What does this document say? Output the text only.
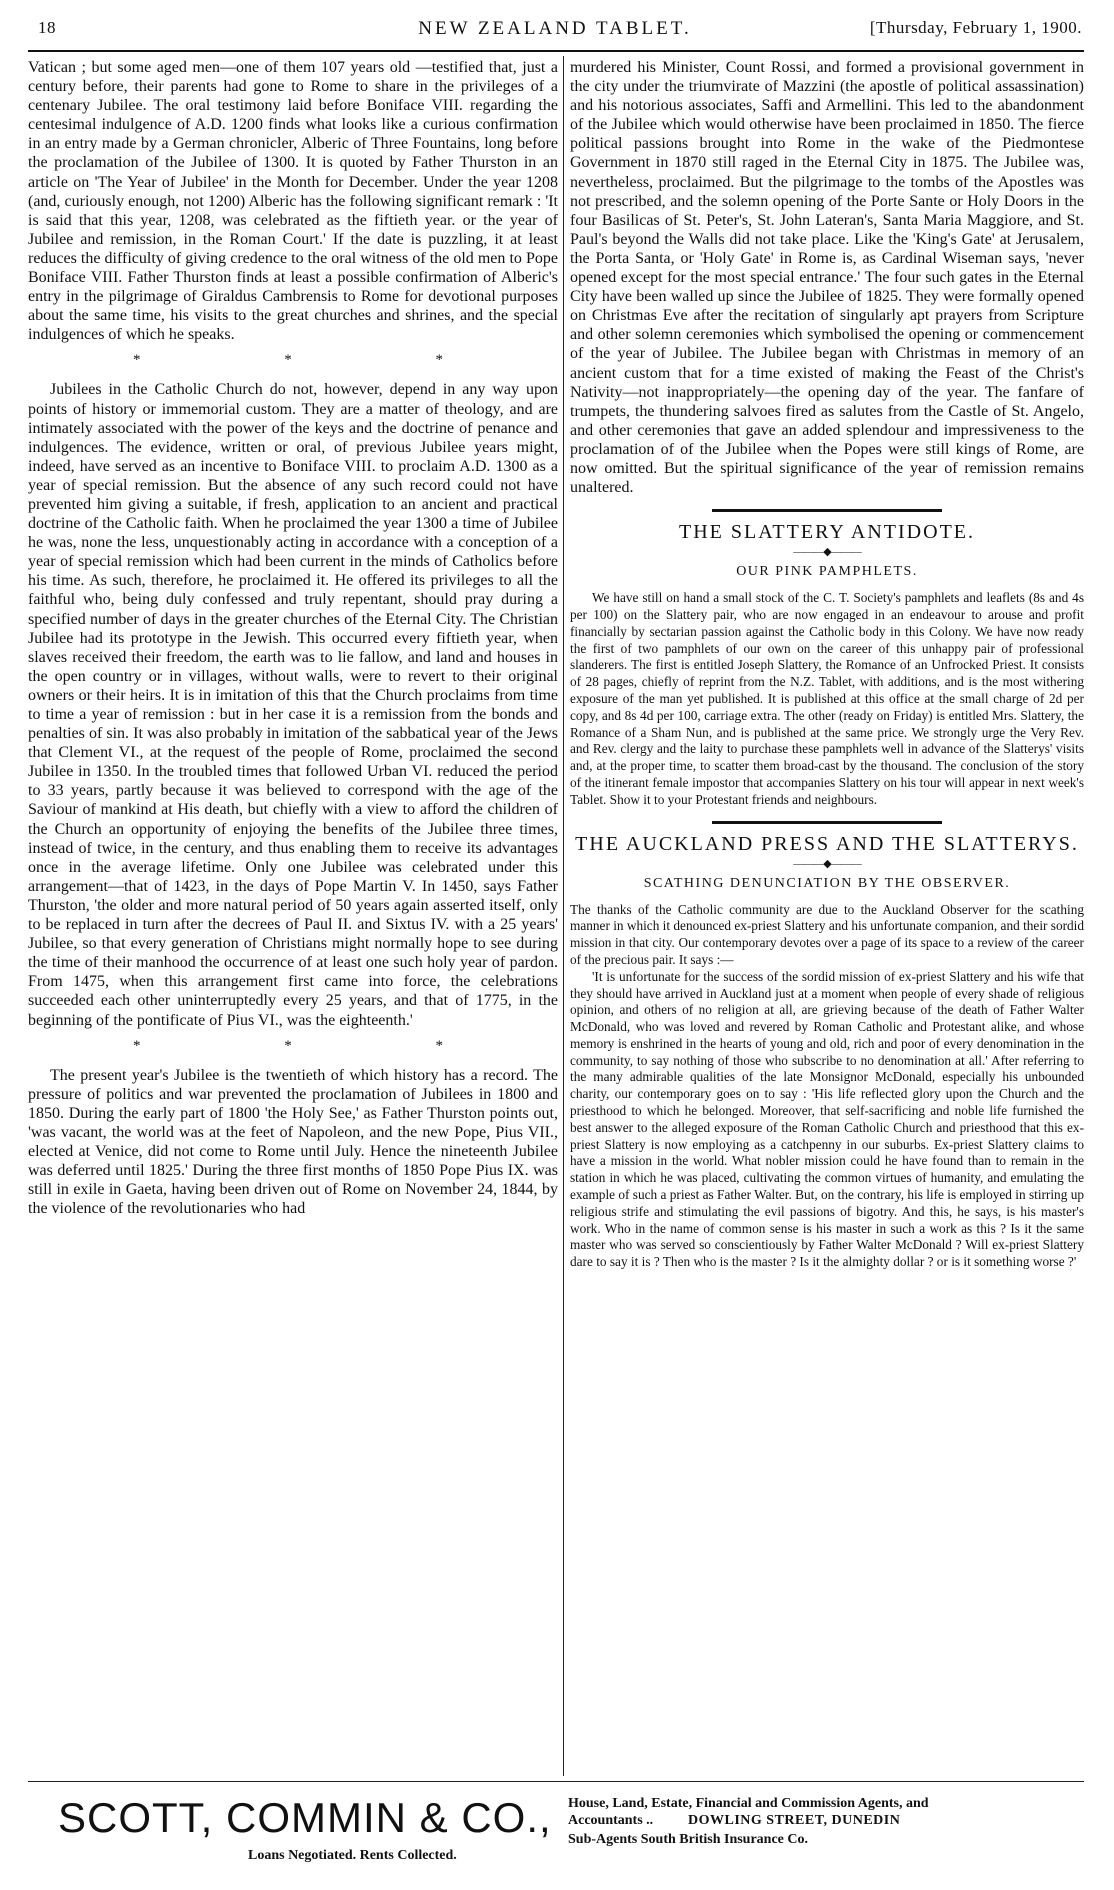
18	NEW ZEALAND TABLET.	[Thursday, February 1, 1900.

Vatican ; but some aged men—one of them 107 years old —testified that, just a century before, their parents had gone to Rome to share in the privileges of a centenary Jubilee. The oral testimony laid before Boniface VIII. regarding the centesimal indulgence of A.D. 1200 finds what looks like a curious confirmation in an entry made by a German chronicler, Alberic of Three Fountains, long before the proclamation of the Jubilee of 1300. It is quoted by Father Thurston in an article on 'The Year of Jubilee' in the Month for December. Under the year 1208 (and, curiously enough, not 1200) Alberic has the following significant remark : 'It is said that this year, 1208, was celebrated as the fiftieth year. or the year of Jubilee and remission, in the Roman Court.' If the date is puzzling, it at least reduces the difficulty of giving credence to the oral witness of the old men to Pope Boniface VIII. Father Thurston finds at least a possible confirmation of Alberic's entry in the pilgrimage of Giraldus Cambrensis to Rome for devotional purposes about the same time, his visits to the great churches and shrines, and the special indulgences of which he speaks.

* * *

Jubilees in the Catholic Church do not, however, depend in any way upon points of history or immemorial custom. They are a matter of theology, and are intimately associated with the power of the keys and the doctrine of penance and indulgences. The evidence, written or oral, of previous Jubilee years might, indeed, have served as an incentive to Boniface VIII. to proclaim A.D. 1300 as a year of special remission. But the absence of any such record could not have prevented him giving a suitable, if fresh, application to an ancient and practical doctrine of the Catholic faith. When he proclaimed the year 1300 a time of Jubilee he was, none the less, unquestionably acting in accordance with a conception of a year of special remission which had been current in the minds of Catholics before his time. As such, therefore, he proclaimed it. He offered its privileges to all the faithful who, being duly confessed and truly repentant, should pray during a specified number of days in the greater churches of the Eternal City. The Christian Jubilee had its prototype in the Jewish. This occurred every fiftieth year, when slaves received their freedom, the earth was to lie fallow, and land and houses in the open country or in villages, without walls, were to revert to their original owners or their heirs. It is in imitation of this that the Church proclaims from time to time a year of remission : but in her case it is a remission from the bonds and penalties of sin. It was also probably in imitation of the sabbatical year of the Jews that Clement VI., at the request of the people of Rome, proclaimed the second Jubilee in 1350. In the troubled times that followed Urban VI. reduced the period to 33 years, partly because it was believed to correspond with the age of the Saviour of mankind at His death, but chiefly with a view to afford the children of the Church an opportunity of enjoying the benefits of the Jubilee three times, instead of twice, in the century, and thus enabling them to receive its advantages once in the average lifetime. Only one Jubilee was celebrated under this arrangement—that of 1423, in the days of Pope Martin V. In 1450, says Father Thurston, 'the older and more natural period of 50 years again asserted itself, only to be replaced in turn after the decrees of Paul II. and Sixtus IV. with a 25 years' Jubilee, so that every generation of Christians might normally hope to see during the time of their manhood the occurrence of at least one such holy year of pardon. From 1475, when this arrangement first came into force, the celebrations succeeded each other uninterruptedly every 25 years, and that of 1775, in the beginning of the pontificate of Pius VI., was the eighteenth.'

* * *

The present year's Jubilee is the twentieth of which history has a record. The pressure of politics and war prevented the proclamation of Jubilees in 1800 and 1850. During the early part of 1800 'the Holy See,' as Father Thurston points out, 'was vacant, the world was at the feet of Napoleon, and the new Pope, Pius VII., elected at Venice, did not come to Rome until July. Hence the nineteenth Jubilee was deferred until 1825.' During the three first months of 1850 Pope Pius IX. was still in exile in Gaeta, having been driven out of Rome on November 24, 1844, by the violence of the revolutionaries who had

murdered his Minister, Count Rossi, and formed a provisional government in the city under the triumvirate of Mazzini (the apostle of political assassination) and his notorious associates, Saffi and Armellini. This led to the abandonment of the Jubilee which would otherwise have been proclaimed in 1850. The fierce political passions brought into Rome in the wake of the Piedmontese Government in 1870 still raged in the Eternal City in 1875. The Jubilee was, nevertheless, proclaimed. But the pilgrimage to the tombs of the Apostles was not prescribed, and the solemn opening of the Porte Sante or Holy Doors in the four Basilicas of St. Peter's, St. John Lateran's, Santa Maria Maggiore, and St. Paul's beyond the Walls did not take place. Like the 'King's Gate' at Jerusalem, the Porta Santa, or 'Holy Gate' in Rome is, as Cardinal Wiseman says, 'never opened except for the most special entrance.' The four such gates in the Eternal City have been walled up since the Jubilee of 1825. They were formally opened on Christmas Eve after the recitation of singularly apt prayers from Scripture and other solemn ceremonies which symbolised the opening or commencement of the year of Jubilee. The Jubilee began with Christmas in memory of an ancient custom that for a time existed of making the Feast of the Christ's Nativity—not inappropriately—the opening day of the year. The fanfare of trumpets, the thundering salvoes fired as salutes from the Castle of St. Angelo, and other ceremonies that gave an added splendour and impressiveness to the proclamation of of the Jubilee when the Popes were still kings of Rome, are now omitted. But the spiritual significance of the year of remission remains unaltered.

THE SLATTERY ANTIDOTE.
———◆———
OUR PINK PAMPHLETS.

We have still on hand a small stock of the C. T. Society's pamphlets and leaflets (8s and 4s per 100) on the Slattery pair, who are now engaged in an endeavour to arouse and profit financially by sectarian passion against the Catholic body in this Colony. We have now ready the first of two pamphlets of our own on the career of this unhappy pair of professional slanderers. The first is entitled Joseph Slattery, the Romance of an Unfrocked Priest. It consists of 28 pages, chiefly of reprint from the N.Z. Tablet, with additions, and is the most withering exposure of the man yet published. It is published at this office at the small charge of 2d per copy, and 8s 4d per 100, carriage extra. The other (ready on Friday) is entitled Mrs. Slattery, the Romance of a Sham Nun, and is published at the same price. We strongly urge the Very Rev. and Rev. clergy and the laity to purchase these pamphlets well in advance of the Slatterys' visits and, at the proper time, to scatter them broad-cast by the thousand. The conclusion of the story of the itinerant female impostor that accompanies Slattery on his tour will appear in next week's Tablet. Show it to your Protestant friends and neighbours.

THE AUCKLAND PRESS AND THE SLATTERYS.
———◆———
SCATHING DENUNCIATION BY THE OBSERVER.

The thanks of the Catholic community are due to the Auckland Observer for the scathing manner in which it denounced ex-priest Slattery and his unfortunate companion, and their sordid mission in that city. Our contemporary devotes over a page of its space to a review of the career of the precious pair. It says :—

'It is unfortunate for the success of the sordid mission of ex-priest Slattery and his wife that they should have arrived in Auckland just at a moment when people of every shade of religious opinion, and others of no religion at all, are grieving because of the death of Father Walter McDonald, who was loved and revered by Roman Catholic and Protestant alike, and whose memory is enshrined in the hearts of young and old, rich and poor of every denomination in the community, to say nothing of those who subscribe to no denomination at all.' After referring to the many admirable qualities of the late Monsignor McDonald, especially his unbounded charity, our contemporary goes on to say : 'His life reflected glory upon the Church and the priesthood to which he belonged. Moreover, that self-sacrificing and noble life furnished the best answer to the alleged exposure of the Roman Catholic Church and priesthood that this ex-priest Slattery is now employing as a catchpenny in our suburbs. Ex-priest Slattery claims to have a mission in the world. What nobler mission could he have found than to remain in the station in which he was placed, cultivating the common virtues of humanity, and emulating the example of such a priest as Father Walter. But, on the contrary, his life is employed in stirring up religious strife and stimulating the evil passions of bigotry. And this, he says, is his master's work. Who in the name of common sense is his master in such a work as this ? Is it the same master who was served so conscientiously by Father Walter McDonald ? Will ex-priest Slattery dare to say it is ? Then who is the master ? Is it the almighty dollar ? or is it something worse ?'

SCOTT, COMMIN & CO.,
Loans Negotiated. Rents Collected.
House, Land, Estate, Financial and Commission Agents, and
Accountants .. DOWLING STREET, DUNEDIN
Sub-Agents South British Insurance Co.
